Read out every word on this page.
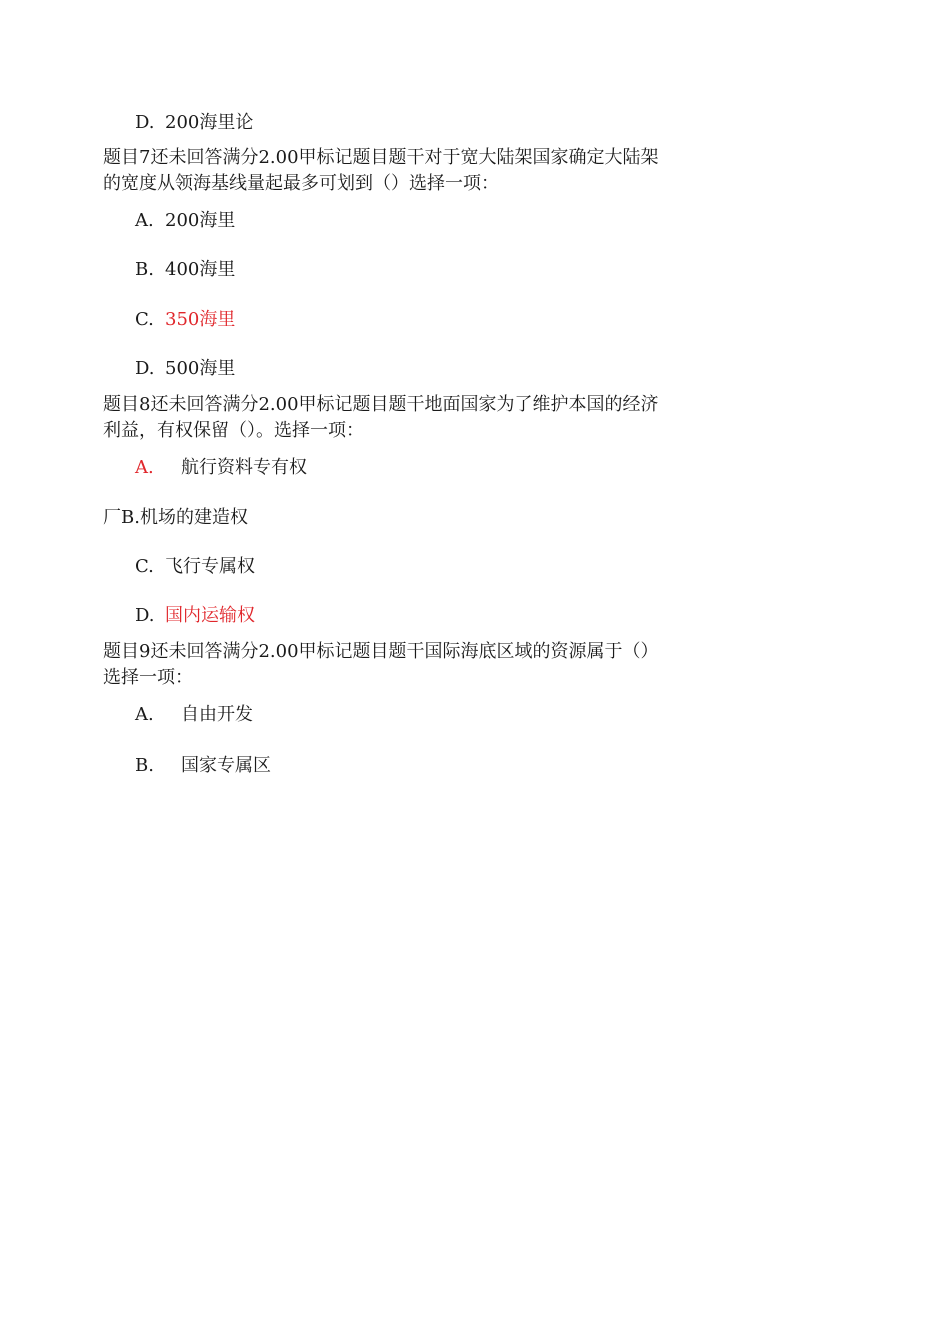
D. 200海里论
题目7还未回答满分2.00甲标记题目题干对于宽大陆架国家确定大陆架的宽度从领海基线量起最多可划到（）选择一项：
A. 200海里
B. 400海里
C. 350海里
D. 500海里
题目8还未回答满分2.00甲标记题目题干地面国家为了维护本国的经济利益，有权保留（）。选择一项：
A. 航行资料专有权
厂B.机场的建造权
C. 飞行专属权
D. 国内运输权
题目9还未回答满分2.00甲标记题目题干国际海底区域的资源属于（）选择一项：
A. 自由开发
B. 国家专属区
